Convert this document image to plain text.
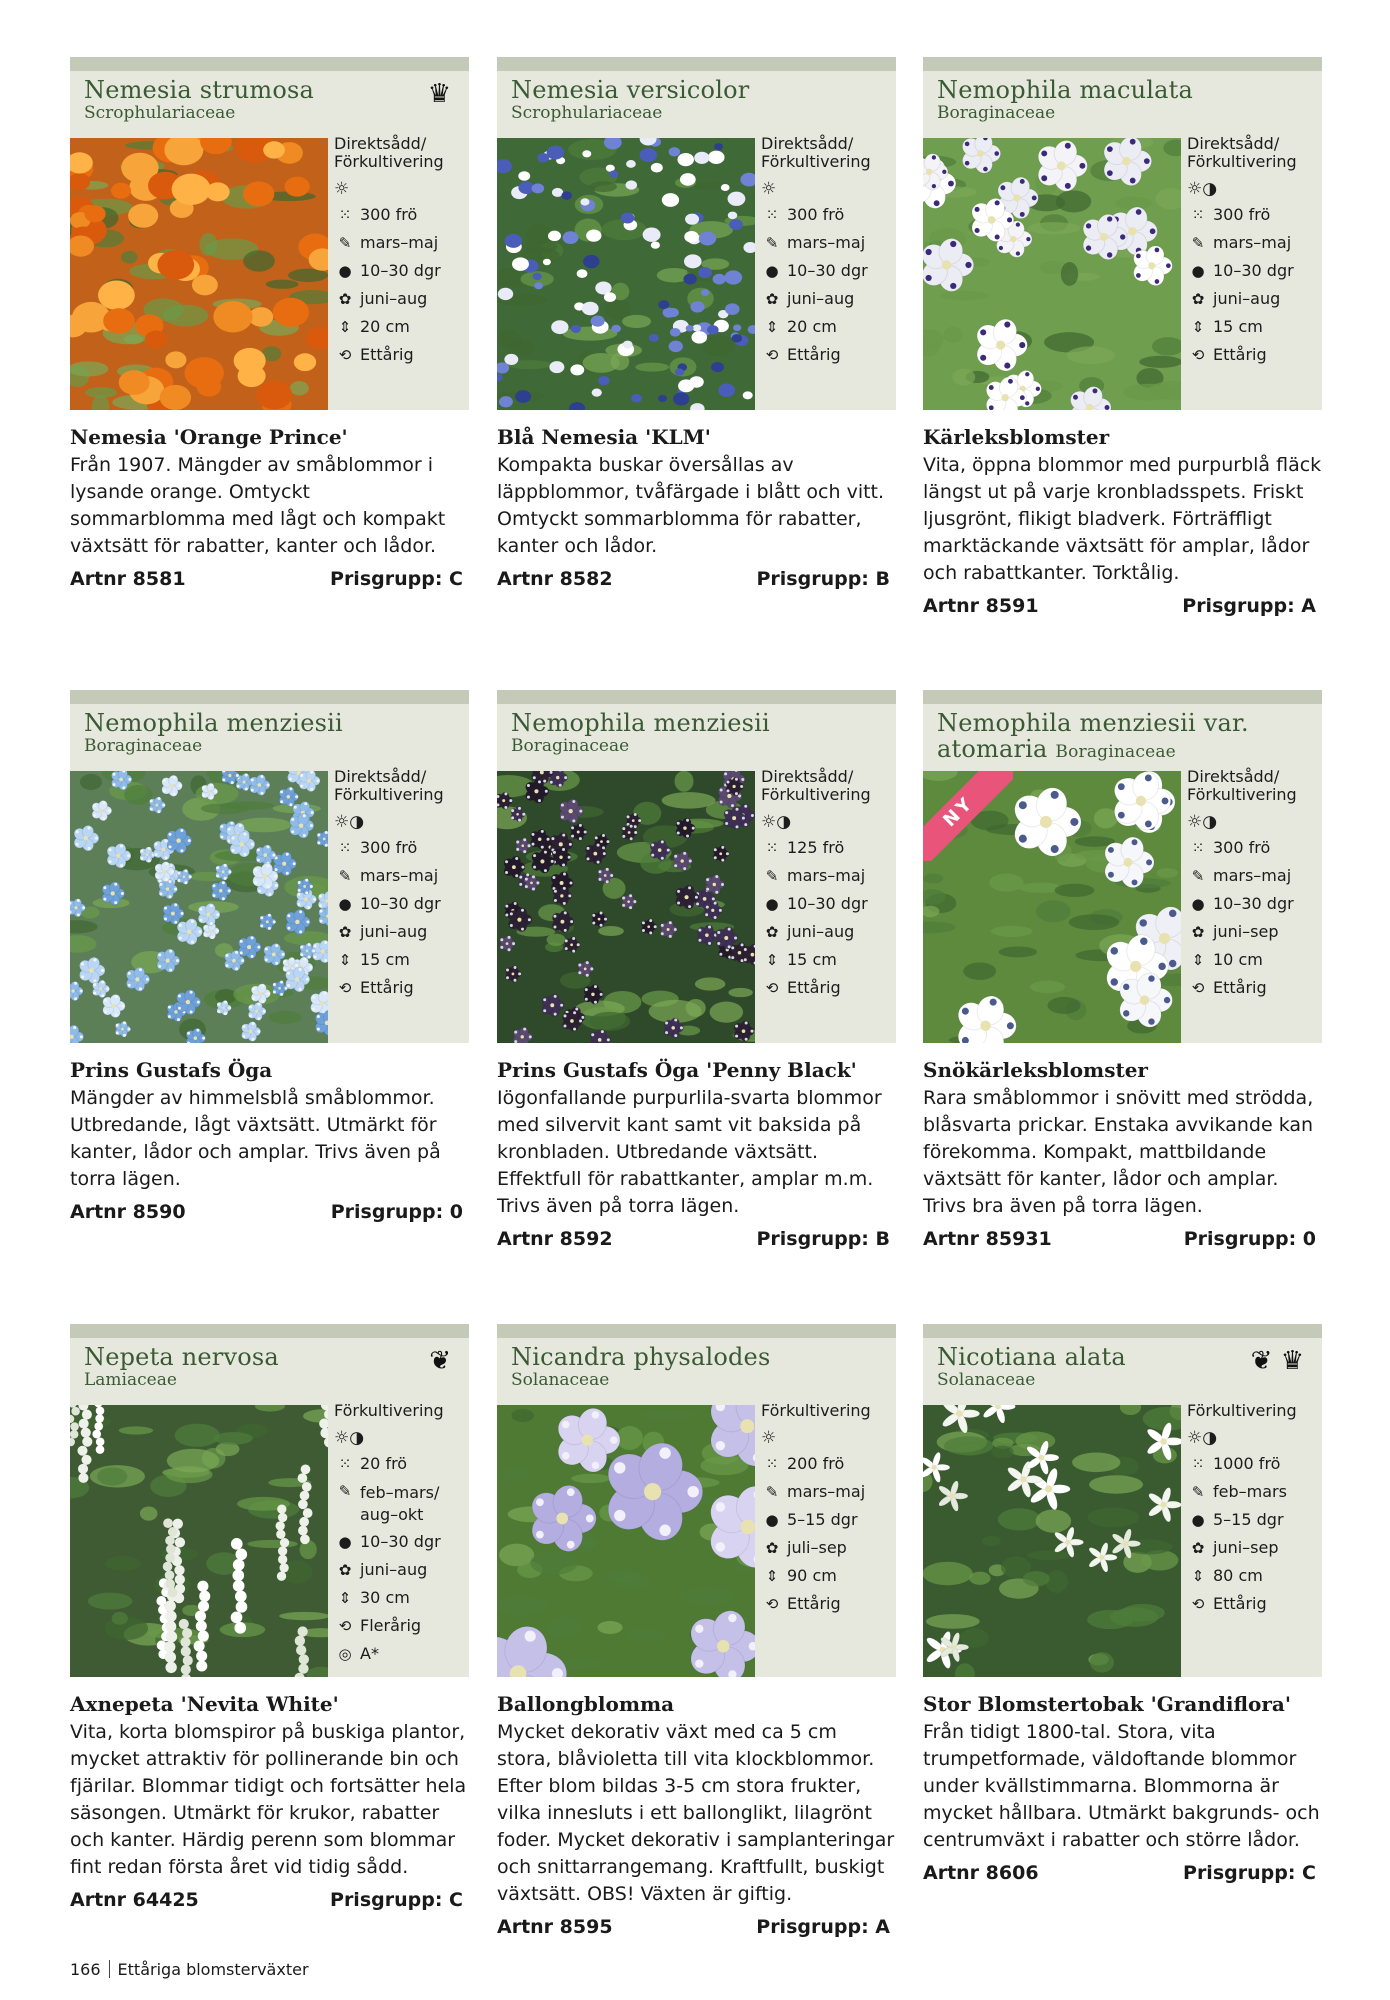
Nemesia strumosa
Scrophulariaceae
♛
Direktsådd/ Förkultivering
☼
⁙ 300 frö
✎ mars–maj
● 10–30 dgr
✿ juni–aug
⇕ 20 cm
⟲ Ettårig
Nemesia 'Orange Prince'
Från 1907. Mängder av småblommor i lysande orange. Omtyckt sommarblomma med lågt och kompakt växtsätt för rabatter, kanter och lådor.
Artnr 8581	Prisgrupp: C
Nemesia versicolor
Scrophulariaceae
Direktsådd/ Förkultivering
☼
⁙ 300 frö
✎ mars–maj
● 10–30 dgr
✿ juni–aug
⇕ 20 cm
⟲ Ettårig
Blå Nemesia 'KLM'
Kompakta buskar översållas av läppblommor, tvåfärgade i blått och vitt. Omtyckt sommarblomma för rabatter, kanter och lådor.
Artnr 8582	Prisgrupp: B
Nemophila maculata
Boraginaceae
Direktsådd/ Förkultivering
☼◑
⁙ 300 frö
✎ mars–maj
● 10–30 dgr
✿ juni–aug
⇕ 15 cm
⟲ Ettårig
Kärleksblomster
Vita, öppna blommor med purpurblå fläck längst ut på varje kronbladsspets. Friskt ljusgrönt, flikigt bladverk. Förträffligt marktäckande växtsätt för amplar, lådor och rabattkanter. Torktålig.
Artnr 8591	Prisgrupp: A
Nemophila menziesii
Boraginaceae
Direktsådd/ Förkultivering
☼◑
⁙ 300 frö
✎ mars–maj
● 10–30 dgr
✿ juni–aug
⇕ 15 cm
⟲ Ettårig
Prins Gustafs Öga
Mängder av himmelsblå småblommor. Utbredande, lågt växtsätt. Utmärkt för kanter, lådor och amplar. Trivs även på torra lägen.
Artnr 8590	Prisgrupp: 0
Nemophila menziesii
Boraginaceae
Direktsådd/ Förkultivering
☼◑
⁙ 125 frö
✎ mars–maj
● 10–30 dgr
✿ juni–aug
⇕ 15 cm
⟲ Ettårig
Prins Gustafs Öga 'Penny Black'
Iögonfallande purpurlila-svarta blommor med silvervit kant samt vit baksida på kronbladen. Utbredande växtsätt. Effektfull för rabattkanter, amplar m.m. Trivs även på torra lägen.
Artnr 8592	Prisgrupp: B
Nemophila menziesii var. atomaria Boraginaceae
NY
Direktsådd/ Förkultivering
☼◑
⁙ 300 frö
✎ mars–maj
● 10–30 dgr
✿ juni–sep
⇕ 10 cm
⟲ Ettårig
Snökärleksblomster
Rara småblommor i snövitt med strödda, blåsvarta prickar. Enstaka avvikande kan förekomma. Kompakt, mattbildande växtsätt för kanter, lådor och amplar. Trivs bra även på torra lägen.
Artnr 85931	Prisgrupp: 0
Nepeta nervosa
Lamiaceae
❦
Förkultivering
☼◑
⁙ 20 frö
✎ feb–mars/ aug–okt
● 10–30 dgr
✿ juni–aug
⇕ 30 cm
⟲ Flerårig
◎ A*
Axnepeta 'Nevita White'
Vita, korta blomspiror på buskiga plantor, mycket attraktiv för pollinerande bin och fjärilar. Blommar tidigt och fortsätter hela säsongen. Utmärkt för krukor, rabatter och kanter. Härdig perenn som blommar fint redan första året vid tidig sådd.
Artnr 64425	Prisgrupp: C
Nicandra physalodes
Solanaceae
Förkultivering
☼
⁙ 200 frö
✎ mars–maj
● 5–15 dgr
✿ juli–sep
⇕ 90 cm
⟲ Ettårig
Ballongblomma
Mycket dekorativ växt med ca 5 cm stora, blåvioletta till vita klockblommor. Efter blom bildas 3-5 cm stora frukter, vilka innesluts i ett ballonglikt, lilagrönt foder. Mycket dekorativ i samplanteringar och snittarrangemang. Kraftfullt, buskigt växtsätt. OBS! Växten är giftig.
Artnr 8595	Prisgrupp: A
Nicotiana alata
Solanaceae
❦ ♛
Förkultivering
☼◑
⁙ 1000 frö
✎ feb–mars
● 5–15 dgr
✿ juni–sep
⇕ 80 cm
⟲ Ettårig
Stor Blomstertobak 'Grandiflora'
Från tidigt 1800-tal. Stora, vita trumpetformade, väldoftande blommor under kvällstimmarna. Blommorna är mycket hållbara. Utmärkt bakgrunds- och centrumväxt i rabatter och större lådor.
Artnr 8606	Prisgrupp: C
166 Ettåriga blomsterväxter
